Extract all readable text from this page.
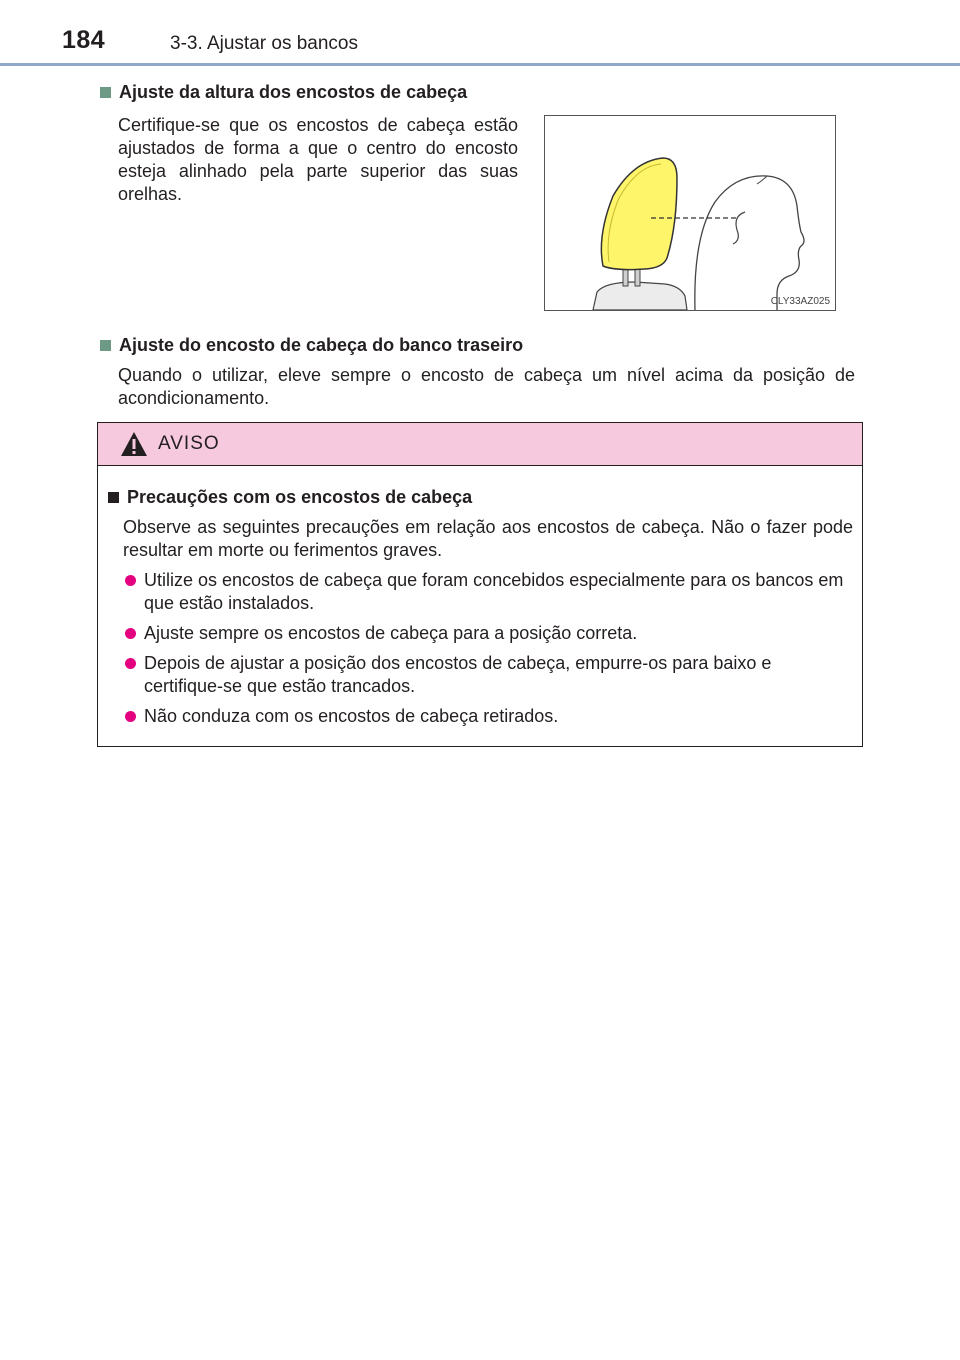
184	3-3. Ajustar os bancos
Ajuste da altura dos encostos de cabeça
Certifique-se que os encostos de cabeça estão ajustados de forma a que o centro do encosto esteja alinhado pela parte superior das suas orelhas.
CLY33AZ025
Ajuste do encosto de cabeça do banco traseiro
Quando o utilizar, eleve sempre o encosto de cabeça um nível acima da posição de acondicionamento.
AVISO
Precauções com os encostos de cabeça
Observe as seguintes precauções em relação aos encostos de cabeça. Não o fazer pode resultar em morte ou ferimentos graves.
Utilize os encostos de cabeça que foram concebidos especialmente para os bancos em que estão instalados.
Ajuste sempre os encostos de cabeça para a posição correta.
Depois de ajustar a posição dos encostos de cabeça, empurre-os para baixo e certifique-se que estão trancados.
Não conduza com os encostos de cabeça retirados.
